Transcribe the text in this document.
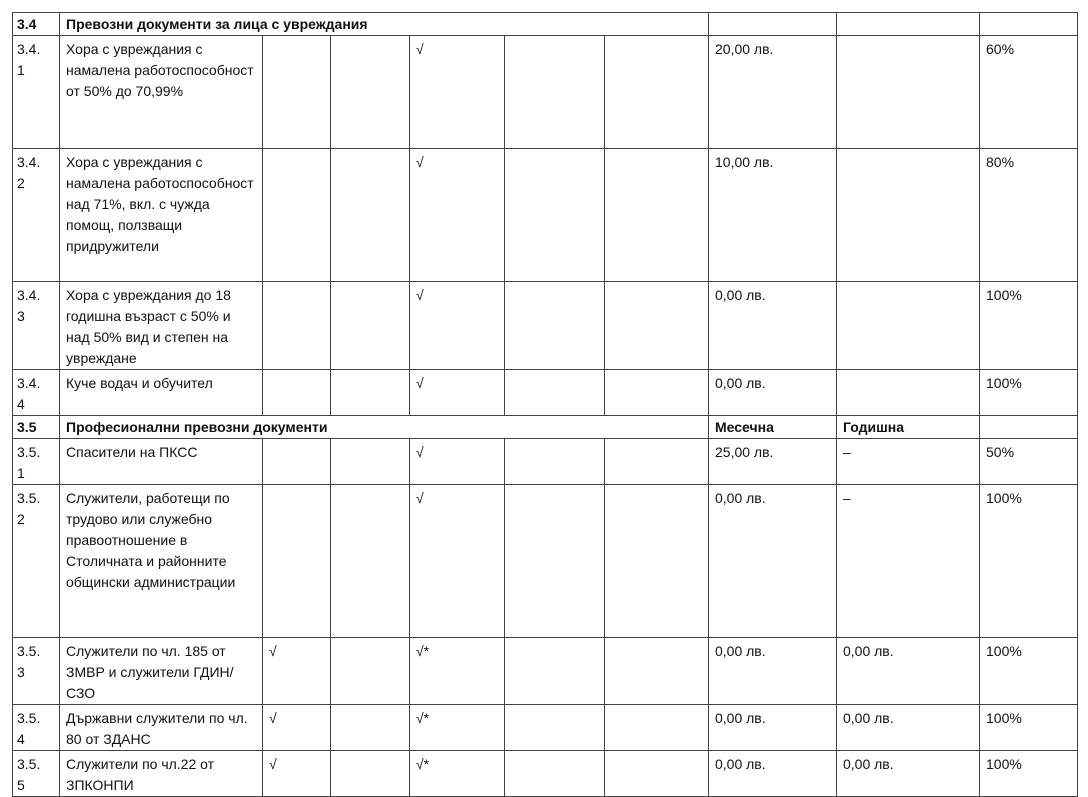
3.4	Превозни документи за лица с увреждания								
3.4.
1	Хора с увреждания с намалена работоспособност от 50% до 70,99%			√			20,00 лв.		60%
3.4.
2	Хора с увреждания с намалена работоспособност над 71%, вкл. с чужда помощ, ползващи придружители			√			10,00 лв.		80%
3.4.
3	Хора с увреждания до 18 годишна възраст с 50% и над 50% вид и степен на увреждане			√			0,00 лв.		100%
3.4.
4	Куче водач и обучител			√			0,00 лв.		100%
3.5	Професионални превозни документи						Месечна	Годишна	
3.5.
1	Спасители на ПКСС			√			25,00 лв.	–	50%
3.5.
2	Служители, работещи по трудово или служебно правоотношение в Столичната и районните общински администрации			√			0,00 лв.	–	100%
3.5.
3	Служители по чл. 185 от ЗМВР и служители ГДИН/СЗО	√		√*			0,00 лв.	0,00 лв.	100%
3.5.
4	Държавни служители по чл. 80 от ЗДАНС	√		√*			0,00 лв.	0,00 лв.	100%
3.5.
5	Служители по чл.22 от ЗПКОНПИ	√		√*			0,00 лв.	0,00 лв.	100%
